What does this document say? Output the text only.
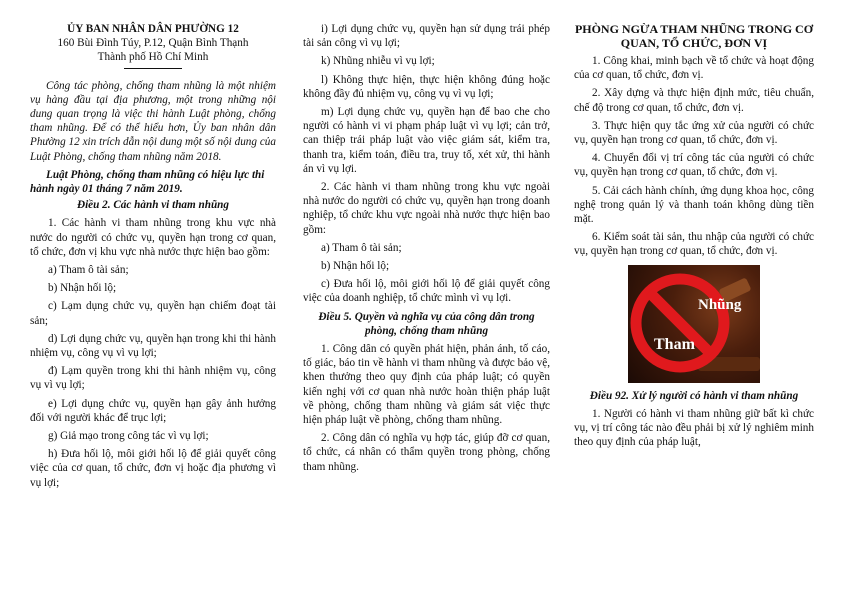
ỦY BAN NHÂN DÂN PHƯỜNG 12

160 Bùi Đình Túy, P.12, Quận Bình Thạnh

Thành phố Hồ Chí Minh

Công tác phòng, chống tham nhũng là một nhiệm vụ hàng đầu tại địa phương, một trong những nội dung quan trọng là việc thi hành Luật phòng, chống tham nhũng. Để có thể hiểu hơn, Ủy ban nhân dân Phường 12 xin trích dẫn nội dung một số nội dung của Luật Phòng, chống tham nhũng năm 2018.

Luật Phòng, chống tham nhũng có hiệu lực thi hành ngày 01 tháng 7 năm 2019.

Điều 2. Các hành vi tham nhũng

1. Các hành vi tham nhũng trong khu vực nhà nước do người có chức vụ, quyền hạn trong cơ quan, tổ chức, đơn vị khu vực nhà nước thực hiện bao gồm:

a) Tham ô tài sản;

b) Nhận hối lộ;

c) Lạm dụng chức vụ, quyền hạn chiếm đoạt tài sản;

d) Lợi dụng chức vụ, quyền hạn trong khi thi hành nhiệm vụ, công vụ vì vụ lợi;

đ) Lạm quyền trong khi thi hành nhiệm vụ, công vụ vì vụ lợi;

e) Lợi dụng chức vụ, quyền hạn gây ảnh hưởng đối với người khác để trục lợi;

g) Giả mạo trong công tác vì vụ lợi;

h) Đưa hối lộ, môi giới hối lộ để giải quyết công việc của cơ quan, tổ chức, đơn vị hoặc địa phương vì vụ lợi;

i) Lợi dụng chức vụ, quyền hạn sử dụng trái phép tài sản công vì vụ lợi;

k) Nhũng nhiễu vì vụ lợi;

l) Không thực hiện, thực hiện không đúng hoặc không đầy đủ nhiệm vụ, công vụ vì vụ lợi;

m) Lợi dụng chức vụ, quyền hạn để bao che cho người có hành vi vi phạm pháp luật vì vụ lợi; cản trở, can thiệp trái pháp luật vào việc giám sát, kiểm tra, thanh tra, kiểm toán, điều tra, truy tố, xét xử, thi hành án vì vụ lợi.

2. Các hành vi tham nhũng trong khu vực ngoài nhà nước do người có chức vụ, quyền hạn trong doanh nghiệp, tổ chức khu vực ngoài nhà nước thực hiện bao gồm:

a) Tham ô tài sản;

b) Nhận hối lộ;

c) Đưa hối lộ, môi giới hối lộ để giải quyết công việc của doanh nghiệp, tổ chức mình vì vụ lợi.

Điều 5. Quyền và nghĩa vụ của công dân trong phòng, chống tham nhũng

1. Công dân có quyền phát hiện, phản ánh, tố cáo, tố giác, báo tin về hành vi tham nhũng và được bảo vệ, khen thưởng theo quy định của pháp luật; có quyền kiến nghị với cơ quan nhà nước hoàn thiện pháp luật về phòng, chống tham nhũng và giám sát việc thực hiện pháp luật về phòng, chống tham nhũng.

2. Công dân có nghĩa vụ hợp tác, giúp đỡ cơ quan, tổ chức, cá nhân có thẩm quyền trong phòng, chống tham nhũng.

PHÒNG NGỪA THAM NHŨNG TRONG CƠ QUAN, TỔ CHỨC, ĐƠN VỊ

1. Công khai, minh bạch về tổ chức và hoạt động của cơ quan, tổ chức, đơn vị.

2. Xây dựng và thực hiện định mức, tiêu chuẩn, chế độ trong cơ quan, tổ chức, đơn vị.

3. Thực hiện quy tắc ứng xử của người có chức vụ, quyền hạn trong cơ quan, tổ chức, đơn vị.

4. Chuyển đổi vị trí công tác của người có chức vụ, quyền hạn trong cơ quan, tổ chức, đơn vị.

5. Cải cách hành chính, ứng dụng khoa học, công nghệ trong quản lý và thanh toán không dùng tiền mặt.

6. Kiểm soát tài sản, thu nhập của người có chức vụ, quyền hạn trong cơ quan, tổ chức, đơn vị.

Nhũng
Tham

Điều 92. Xử lý người có hành vi tham nhũng

1. Người có hành vi tham nhũng giữ bất kì chức vụ, vị trí công tác nào đều phải bị xử lý nghiêm minh theo quy định của pháp luật,
